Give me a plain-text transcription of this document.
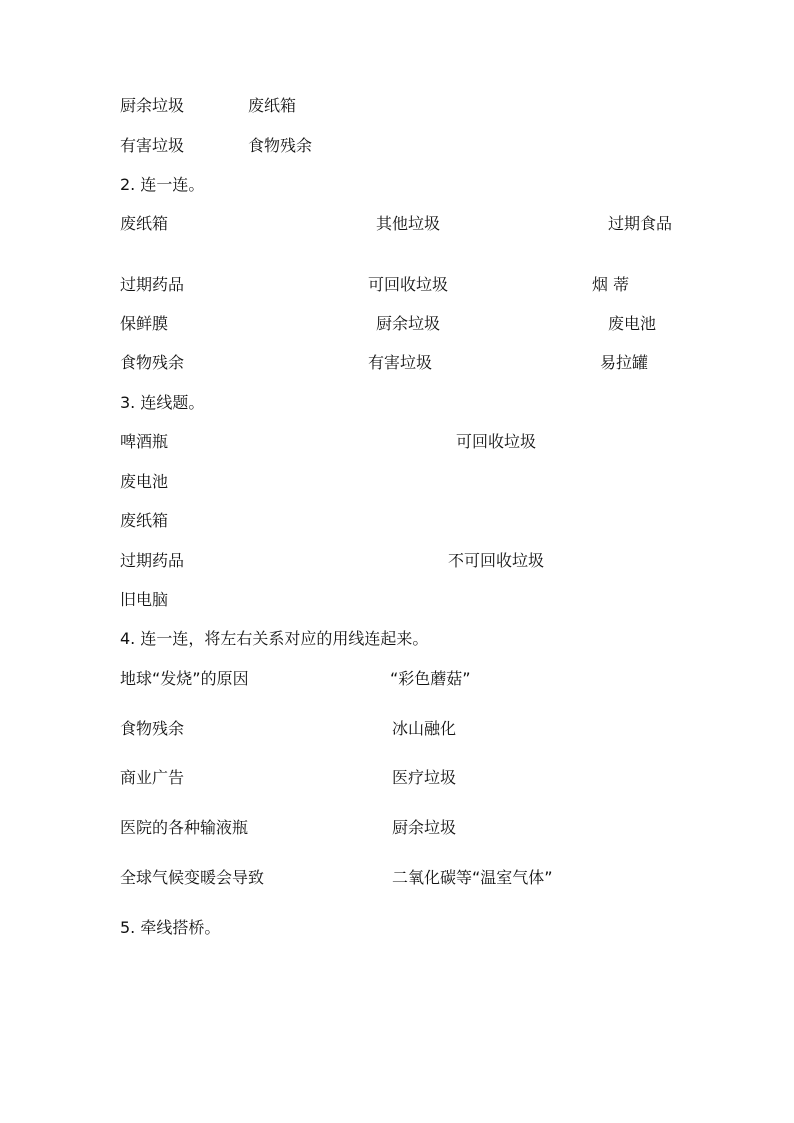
厨余垃圾	废纸箱
有害垃圾	食物残余
2. 连一连。
废纸箱	其他垃圾	过期食品
过期药品	可回收垃圾	烟 蒂
保鲜膜	厨余垃圾	废电池
食物残余	有害垃圾	易拉罐
3. 连线题。
啤酒瓶	可回收垃圾
废电池
废纸箱
过期药品	不可回收垃圾
旧电脑
4. 连一连，将左右关系对应的用线连起来。
地球“发烧”的原因	“彩色蘑菇”
食物残余	冰山融化
商业广告	医疗垃圾
医院的各种输液瓶	厨余垃圾
全球气候变暖会导致	二氧化碳等“温室气体”
5. 牵线搭桥。
